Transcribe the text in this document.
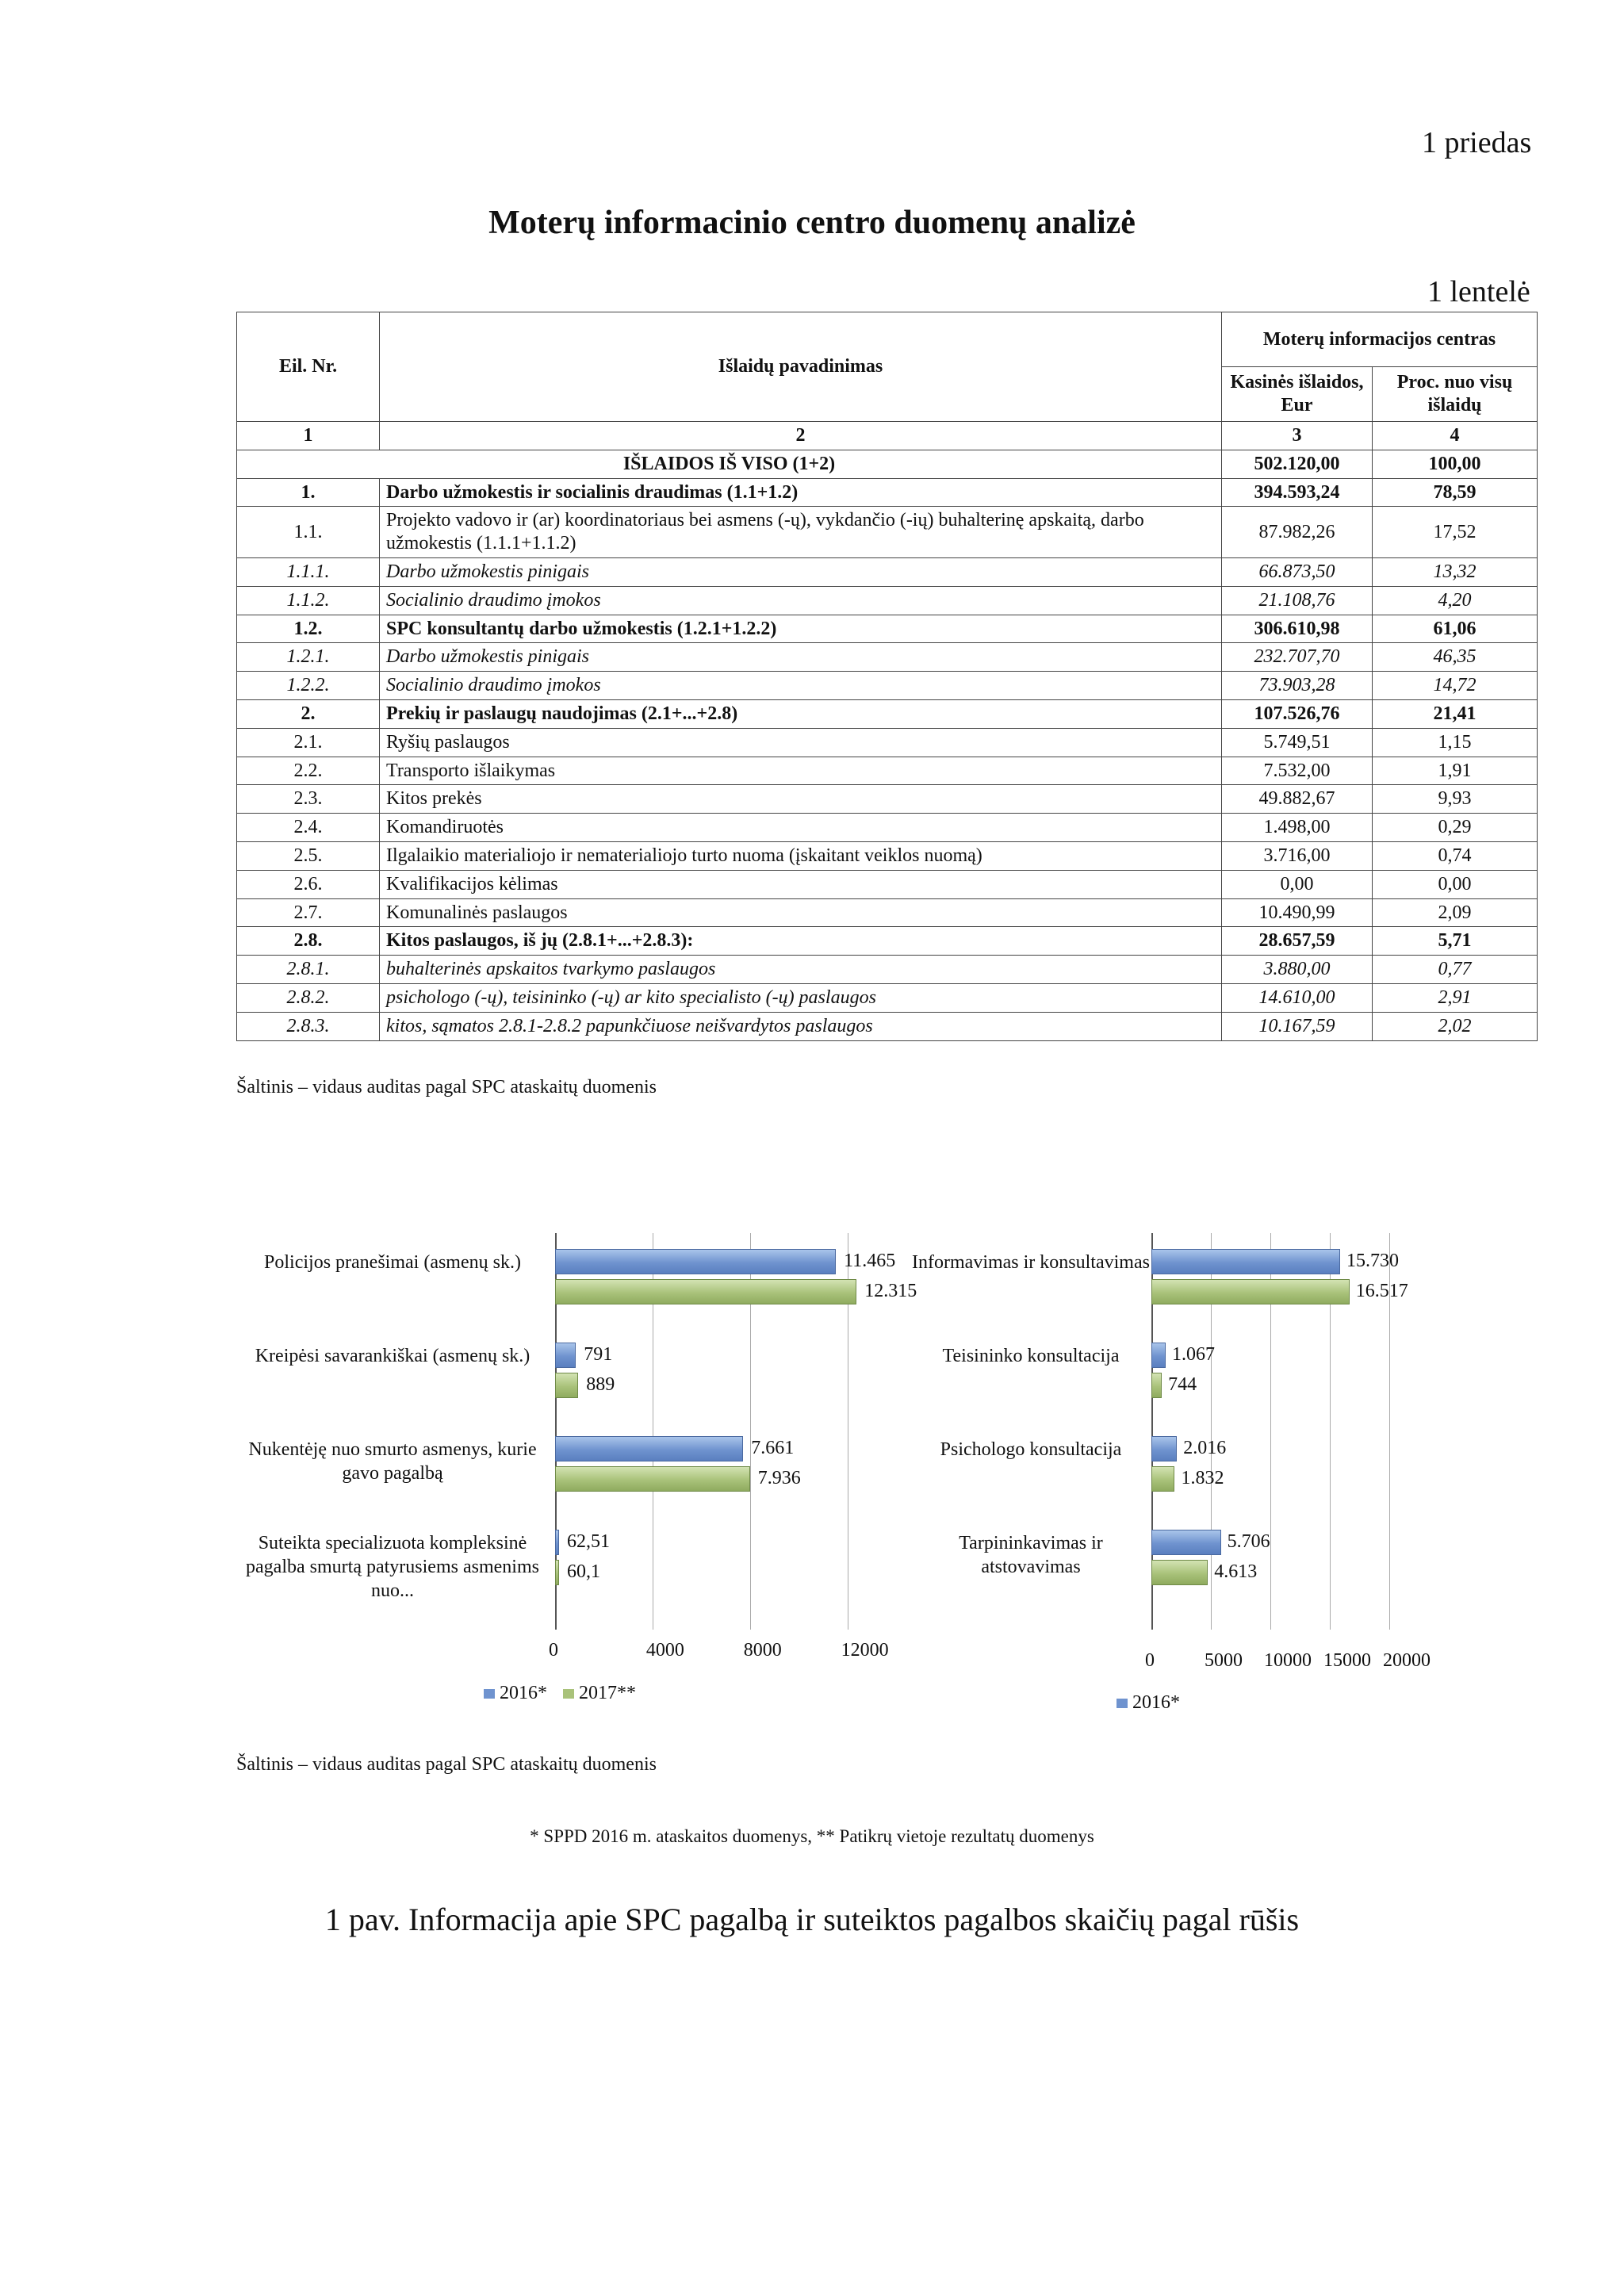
1 priedas
Moterų informacinio centro duomenų analizė
1 lentelė
Eil. Nr.	Išlaidų pavadinimas	Moterų informacijos centras	
		Kasinės išlaidos, Eur	Proc. nuo visų išlaidų
1	2	3	4
IŠLAIDOS IŠ VISO (1+2)		502.120,00	100,00
1.	Darbo užmokestis ir socialinis draudimas (1.1+1.2)	394.593,24	78,59
1.1.	Projekto vadovo ir (ar) koordinatoriaus bei asmens (-ų), vykdančio (-ių) buhalterinę apskaitą, darbo užmokestis (1.1.1+1.1.2)	87.982,26	17,52
1.1.1.	Darbo užmokestis pinigais	66.873,50	13,32
1.1.2.	Socialinio draudimo įmokos	21.108,76	4,20
1.2.	SPC konsultantų darbo užmokestis (1.2.1+1.2.2)	306.610,98	61,06
1.2.1.	Darbo užmokestis pinigais	232.707,70	46,35
1.2.2.	Socialinio draudimo įmokos	73.903,28	14,72
2.	Prekių ir paslaugų naudojimas (2.1+...+2.8)	107.526,76	21,41
2.1.	Ryšių paslaugos	5.749,51	1,15
2.2.	Transporto išlaikymas	7.532,00	1,91
2.3.	Kitos prekės	49.882,67	9,93
2.4.	Komandiruotės	1.498,00	0,29
2.5.	Ilgalaikio materialiojo ir nematerialiojo turto nuoma (įskaitant veiklos nuomą)	3.716,00	0,74
2.6.	Kvalifikacijos kėlimas	0,00	0,00
2.7.	Komunalinės paslaugos	10.490,99	2,09
2.8.	Kitos paslaugos, iš jų (2.8.1+...+2.8.3):	28.657,59	5,71
2.8.1.	buhalterinės apskaitos tvarkymo paslaugos	3.880,00	0,77
2.8.2.	psichologo (-ų), teisininko (-ų) ar kito specialisto (-ų) paslaugos	14.610,00	2,91
2.8.3.	kitos, sąmatos 2.8.1-2.8.2 papunkčiuose neišvardytos paslaugos	10.167,59	2,02
Šaltinis – vidaus auditas pagal SPC ataskaitų duomenis
0	4000	8000	12000
Policijos pranešimai (asmenų sk.)	11.465
12.315
Kreipėsi savarankiškai (asmenų sk.)	791
889
Nukentėję nuo smurto asmenys, kurie gavo pagalbą
7.661
7.936
Suteikta specializuota kompleksinė pagalba smurtą patyrusiems asmenims nuo...
62,51
60,1
2016* 2017**
0	5000 10000 15000 20000
Informavimas ir konsultavimas	15.730
16.517
Teisininko konsultacija	1.067
744
Psichologo konsultacija	2.016
1.832
Tarpininkavimas ir atstovavimas
5.706
4.613
2016*
Šaltinis – vidaus auditas pagal SPC ataskaitų duomenis
* SPPD 2016 m. ataskaitos duomenys, ** Patikrų vietoje rezultatų duomenys
1 pav. Informacija apie SPC pagalbą ir suteiktos pagalbos skaičių pagal rūšis
